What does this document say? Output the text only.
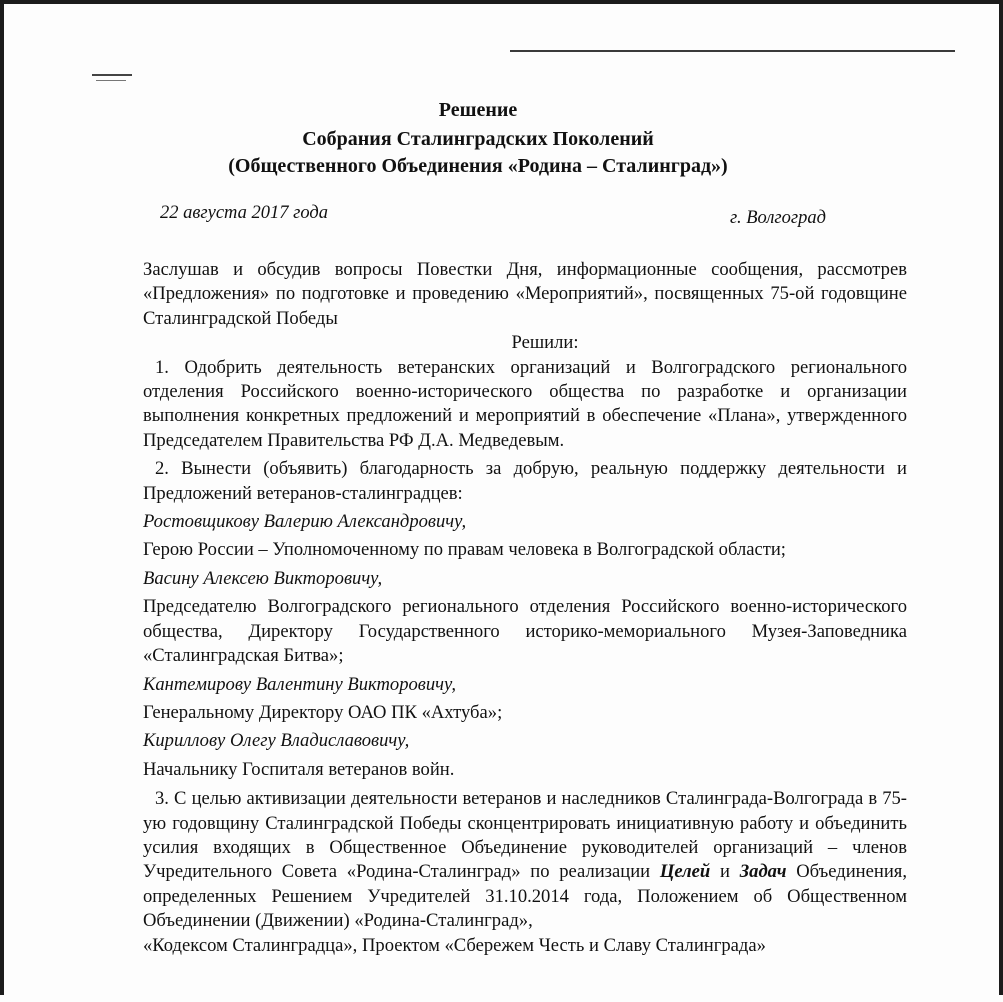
Решение
Собрания Сталинградских Поколений
(Общественного Объединения «Родина – Сталинград»)
22 августа 2017 года	г. Волгоград

Заслушав и обсудив вопросы Повестки Дня, информационные сообщения, рассмотрев «Предложения» по подготовке и проведению «Мероприятий», посвященных 75-ой годовщине Сталинградской Победы

Решили:

1. Одобрить деятельность ветеранских организаций и Волгоградского регионального отделения Российского военно-исторического общества по разработке и организации выполнения конкретных предложений и мероприятий в обеспечение «Плана», утвержденного Председателем Правительства РФ Д.А. Медведевым.

2. Вынести (объявить) благодарность за добрую, реальную поддержку деятельности и Предложений ветеранов-сталинградцев:

Ростовщикову Валерию Александровичу,

Герою России – Уполномоченному по правам человека в Волгоградской области;

Васину Алексею Викторовичу,

Председателю Волгоградского регионального отделения Российского военно-исторического общества, Директору Государственного историко-мемориального Музея-Заповедника «Сталинградская Битва»;

Кантемирову Валентину Викторовичу,

Генеральному Директору ОАО ПК «Ахтуба»;

Кириллову Олегу Владиславовичу,

Начальнику Госпиталя ветеранов войн.

3. С целью активизации деятельности ветеранов и наследников Сталинграда-Волгограда в 75-ую годовщину Сталинградской Победы сконцентрировать инициативную работу и объединить усилия входящих в Общественное Объединение руководителей организаций – членов Учредительного Совета «Родина-Сталинград» по реализации Целей и Задач Объединения, определенных Решением Учредителей 31.10.2014 года, Положением об Общественном Объединении (Движении) «Родина-Сталинград»,

«Кодексом Сталинградца», Проектом «Сбережем Честь и Славу Сталинграда»
